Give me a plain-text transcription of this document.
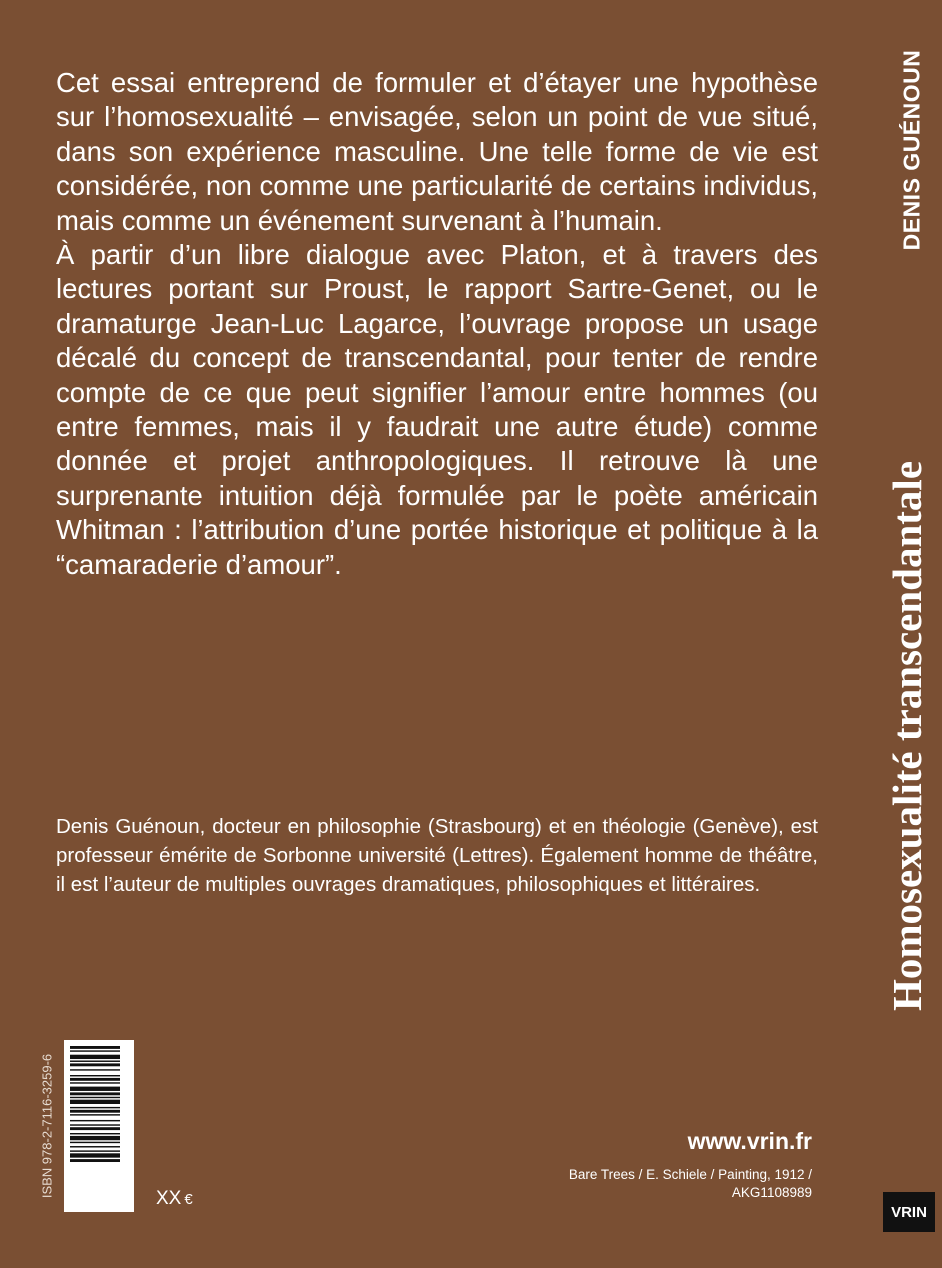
Cet essai entreprend de formuler et d’étayer une hypothèse sur l’homosexualité – envisagée, selon un point de vue situé, dans son expérience masculine. Une telle forme de vie est considérée, non comme une particularité de certains individus, mais comme un événement survenant à l’humain.

À partir d’un libre dialogue avec Platon, et à travers des lectures portant sur Proust, le rapport Sartre-Genet, ou le dramaturge Jean-Luc Lagarce, l’ouvrage propose un usage décalé du concept de transcendantal, pour tenter de rendre compte de ce que peut signifier l’amour entre hommes (ou entre femmes, mais il y faudrait une autre étude) comme donnée et projet anthropologiques. Il retrouve là une surprenante intuition déjà formulée par le poète américain Whitman : l’attribution d’une portée historique et politique à la “camaraderie d’amour”.

Denis Guénoun, docteur en philosophie (Strasbourg) et en théologie (Genève), est professeur émérite de Sorbonne université (Lettres). Également homme de théâtre, il est l’auteur de multiples ouvrages dramatiques, philosophiques et littéraires.
DENIS GUÉNOUN
Homosexualité transcendantale
ISBN 978-2-7116-3259-6
XX €
www.vrin.fr
Bare Trees / E. Schiele / Painting, 1912 /
AKG1108989
VRIN
